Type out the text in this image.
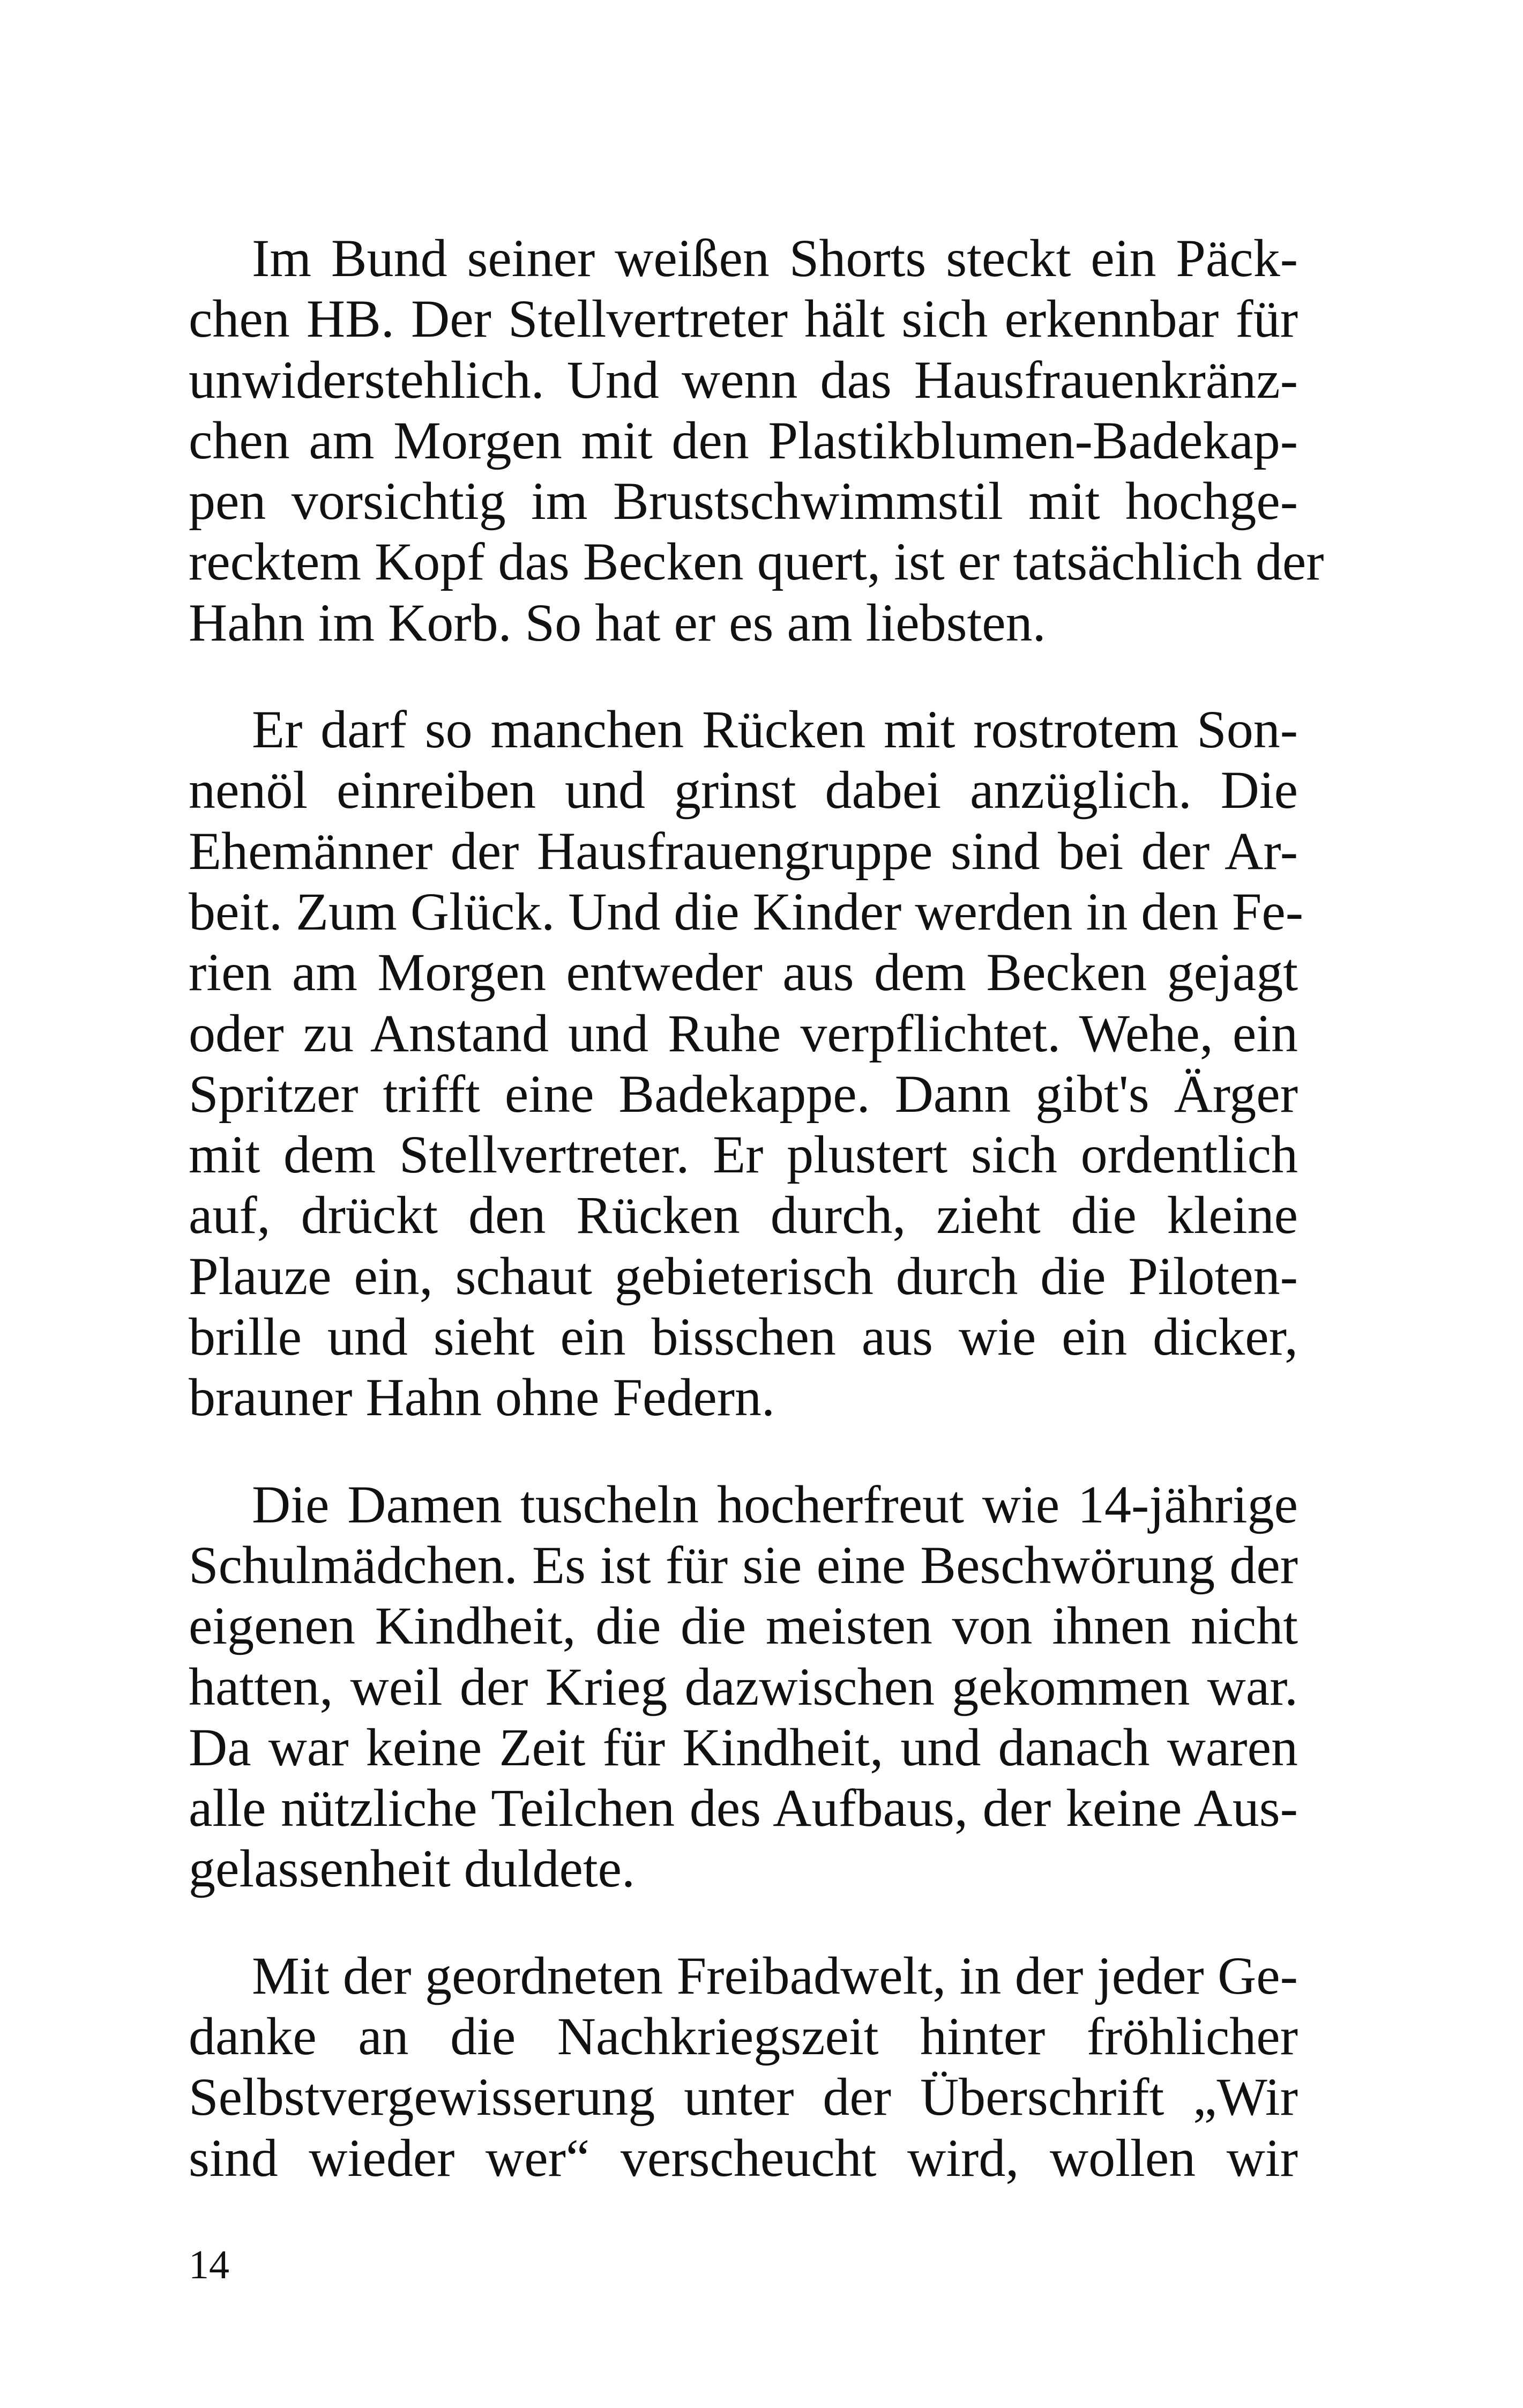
Im Bund seiner weißen Shorts steckt ein Päck-
chen HB. Der Stellvertreter hält sich erkennbar für
unwiderstehlich. Und wenn das Hausfrauenkränz-
chen am Morgen mit den Plastikblumen-Badekap-
pen vorsichtig im Brustschwimmstil mit hochge-
recktem Kopf das Becken quert, ist er tatsächlich der
Hahn im Korb. So hat er es am liebsten.
Er darf so manchen Rücken mit rostrotem Son-
nenöl einreiben und grinst dabei anzüglich. Die
Ehemänner der Hausfrauengruppe sind bei der Ar-
beit. Zum Glück. Und die Kinder werden in den Fe-
rien am Morgen entweder aus dem Becken gejagt
oder zu Anstand und Ruhe verpflichtet. Wehe, ein
Spritzer trifft eine Badekappe. Dann gibt's Ärger
mit dem Stellvertreter. Er plustert sich ordentlich
auf, drückt den Rücken durch, zieht die kleine
Plauze ein, schaut gebieterisch durch die Piloten-
brille und sieht ein bisschen aus wie ein dicker,
brauner Hahn ohne Federn.
Die Damen tuscheln hocherfreut wie 14-jährige
Schulmädchen. Es ist für sie eine Beschwörung der
eigenen Kindheit, die die meisten von ihnen nicht
hatten, weil der Krieg dazwischen gekommen war.
Da war keine Zeit für Kindheit, und danach waren
alle nützliche Teilchen des Aufbaus, der keine Aus-
gelassenheit duldete.
Mit der geordneten Freibadwelt, in der jeder Ge-
danke an die Nachkriegszeit hinter fröhlicher
Selbstvergewisserung unter der Überschrift „Wir
sind wieder wer“ verscheucht wird, wollen wir
14
